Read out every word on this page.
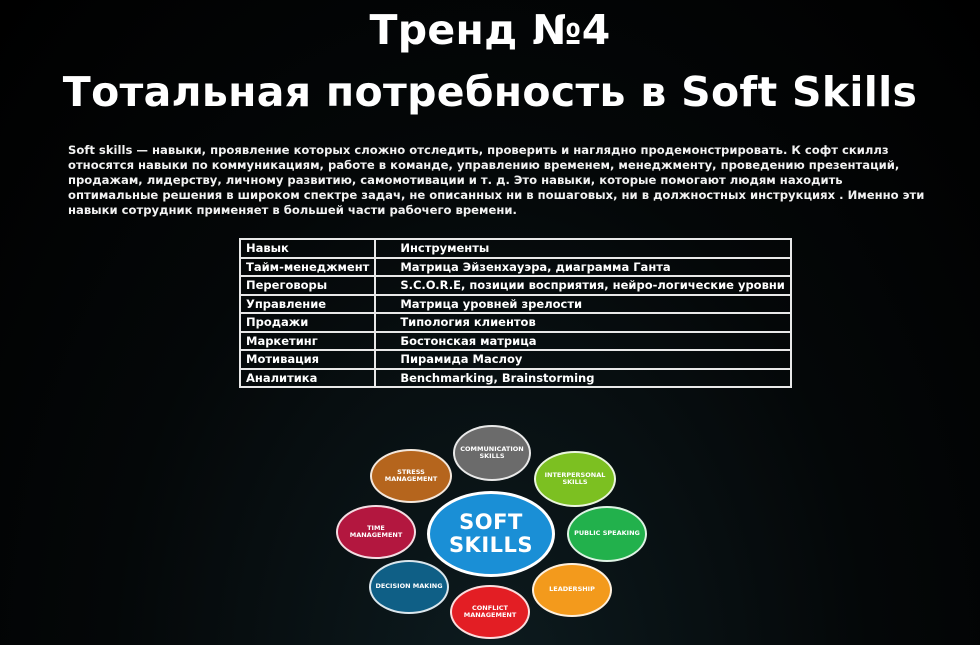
Тренд №4
Тотальная потребность в Soft Skills

Soft skills — навыки, проявление которых сложно отследить, проверить и наглядно продемонстрировать. К софт скиллз относятся навыки по коммуникациям, работе в команде, управлению временем, менеджменту, проведению презентаций, продажам, лидерству, личному развитию, самомотивации и т. д. Это навыки, которые помогают людям находить оптимальные решения в широком спектре задач, не описанных ни в пошаговых, ни в должностных инструкциях . Именно эти навыки сотрудник применяет в большей части рабочего времени.

Навык	Инструменты
Тайм-менеджмент	Матрица Эйзенхауэра, диаграмма Ганта
Переговоры	S.C.O.R.E, позиции восприятия, нейро-логические уровни
Управление	Матрица уровней зрелости
Продажи	Типология клиентов
Маркетинг	Бостонская матрица
Мотивация	Пирамида Маслоу
Аналитика	Benchmarking, Brainstorming
COMMUNICATION SKILLS
INTERPERSONAL SKILLS
PUBLIC SPEAKING
LEADERSHIP
CONFLICT MANAGEMENT
DECISION MAKING
TIME MANAGEMENT
STRESS MANAGEMENT
SOFT SKILLS
